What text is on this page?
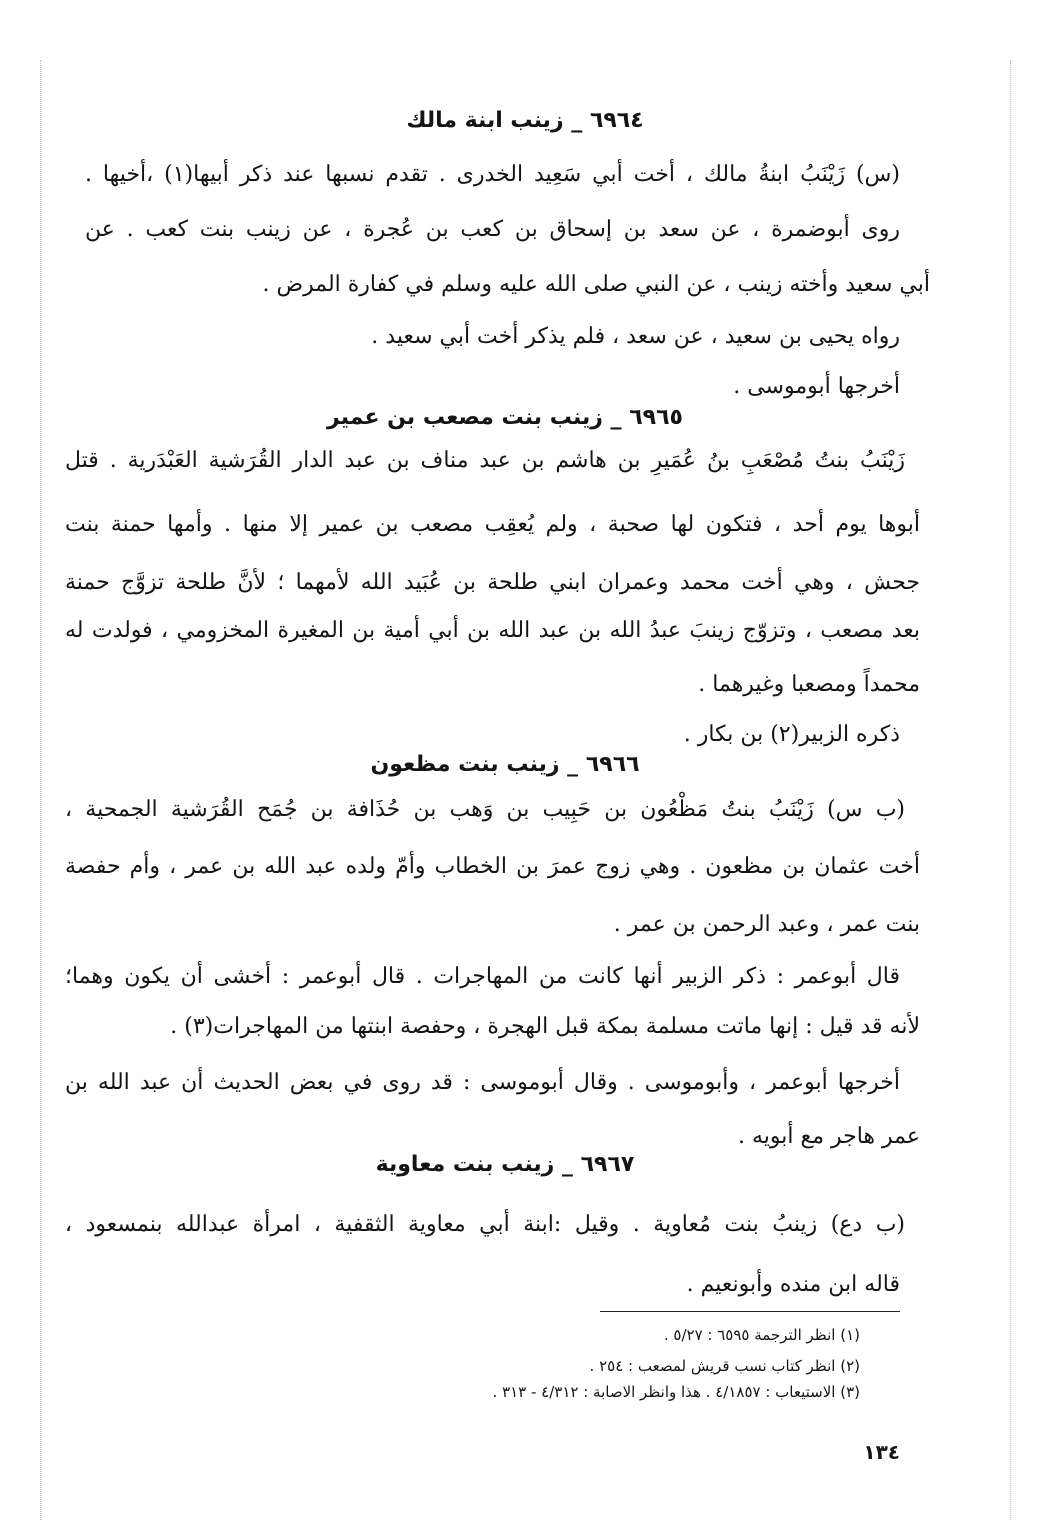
٦٩٦٤ _ زينب ابنة مالك
(س) زَيْنَبُ ابنةُ مالك ، أخت أبي سَعِيد الخدرى . تقدم نسبها عند ذكر أبيها(١) ،أخيها .
روى أبوضمرة ، عن سعد بن إسحاق بن كعب بن عُجرة ، عن زينب بنت كعب . عن
أبي سعيد وأخته زينب ، عن النبي صلى الله عليه وسلم في كفارة المرض .
رواه يحيى بن سعيد ، عن سعد ، فلم يذكر أخت أبي سعيد .
أخرجها أبوموسى .
٦٩٦٥ _ زينب بنت مصعب بن عمير
زَيْنَبُ بنتُ مُصْعَبِ بنُ عُمَيرِ بن هاشم بن عبد مناف بن عبد الدار القُرَشية العَبْدَرية . قتل
أبوها يوم أحد ، فتكون لها صحبة ، ولم يُعقِب مصعب بن عمير إلا منها . وأمها حمنة بنت
جحش ، وهي أخت محمد وعمران ابني طلحة بن عُبَيد الله لأمهما ؛ لأنَّ طلحة تزوَّج حمنة
بعد مصعب ، وتزوّج زينبَ عبدُ الله بن عبد الله بن أبي أمية بن المغيرة المخزومي ، فولدت له
محمداً ومصعبا وغيرهما .
ذكره الزبير(٢) بن بكار .
٦٩٦٦ _ زينب بنت مظعون
(ب س) زَيْنَبُ بنتُ مَظْعُون بن حَبِيب بن وَهب بن حُذَافة بن جُمَح القُرَشية الجمحية ،
أخت عثمان بن مظعون . وهي زوج عمرَ بن الخطاب وأمّ ولده عبد الله بن عمر ، وأم حفصة
بنت عمر ، وعبد الرحمن بن عمر .
قال أبوعمر : ذكر الزبير أنها كانت من المهاجرات . قال أبوعمر : أخشى أن يكون وهما؛
لأنه قد قيل : إنها ماتت مسلمة بمكة قبل الهجرة ، وحفصة ابنتها من المهاجرات(٣) .
أخرجها أبوعمر ، وأبوموسى . وقال أبوموسى : قد روى في بعض الحديث أن عبد الله بن
عمر هاجر مع أبويه .
٦٩٦٧ _ زينب بنت معاوية
(ب دع) زينبُ بنت مُعاوية . وقيل :ابنة أبي معاوية الثقفية ، امرأة عبدالله بنمسعود ،
قاله ابن منده وأبونعيم .
(١) انظر الترجمة ٦٥٩٥ : ٥/٢٧ .
(٢) انظر كتاب نسب قريش لمصعب : ٢٥٤ .
(٣) الاستيعاب : ٤/١٨٥٧ . هذا وانظر الاصابة : ٤/٣١٢ - ٣١٣ .
١٣٤
